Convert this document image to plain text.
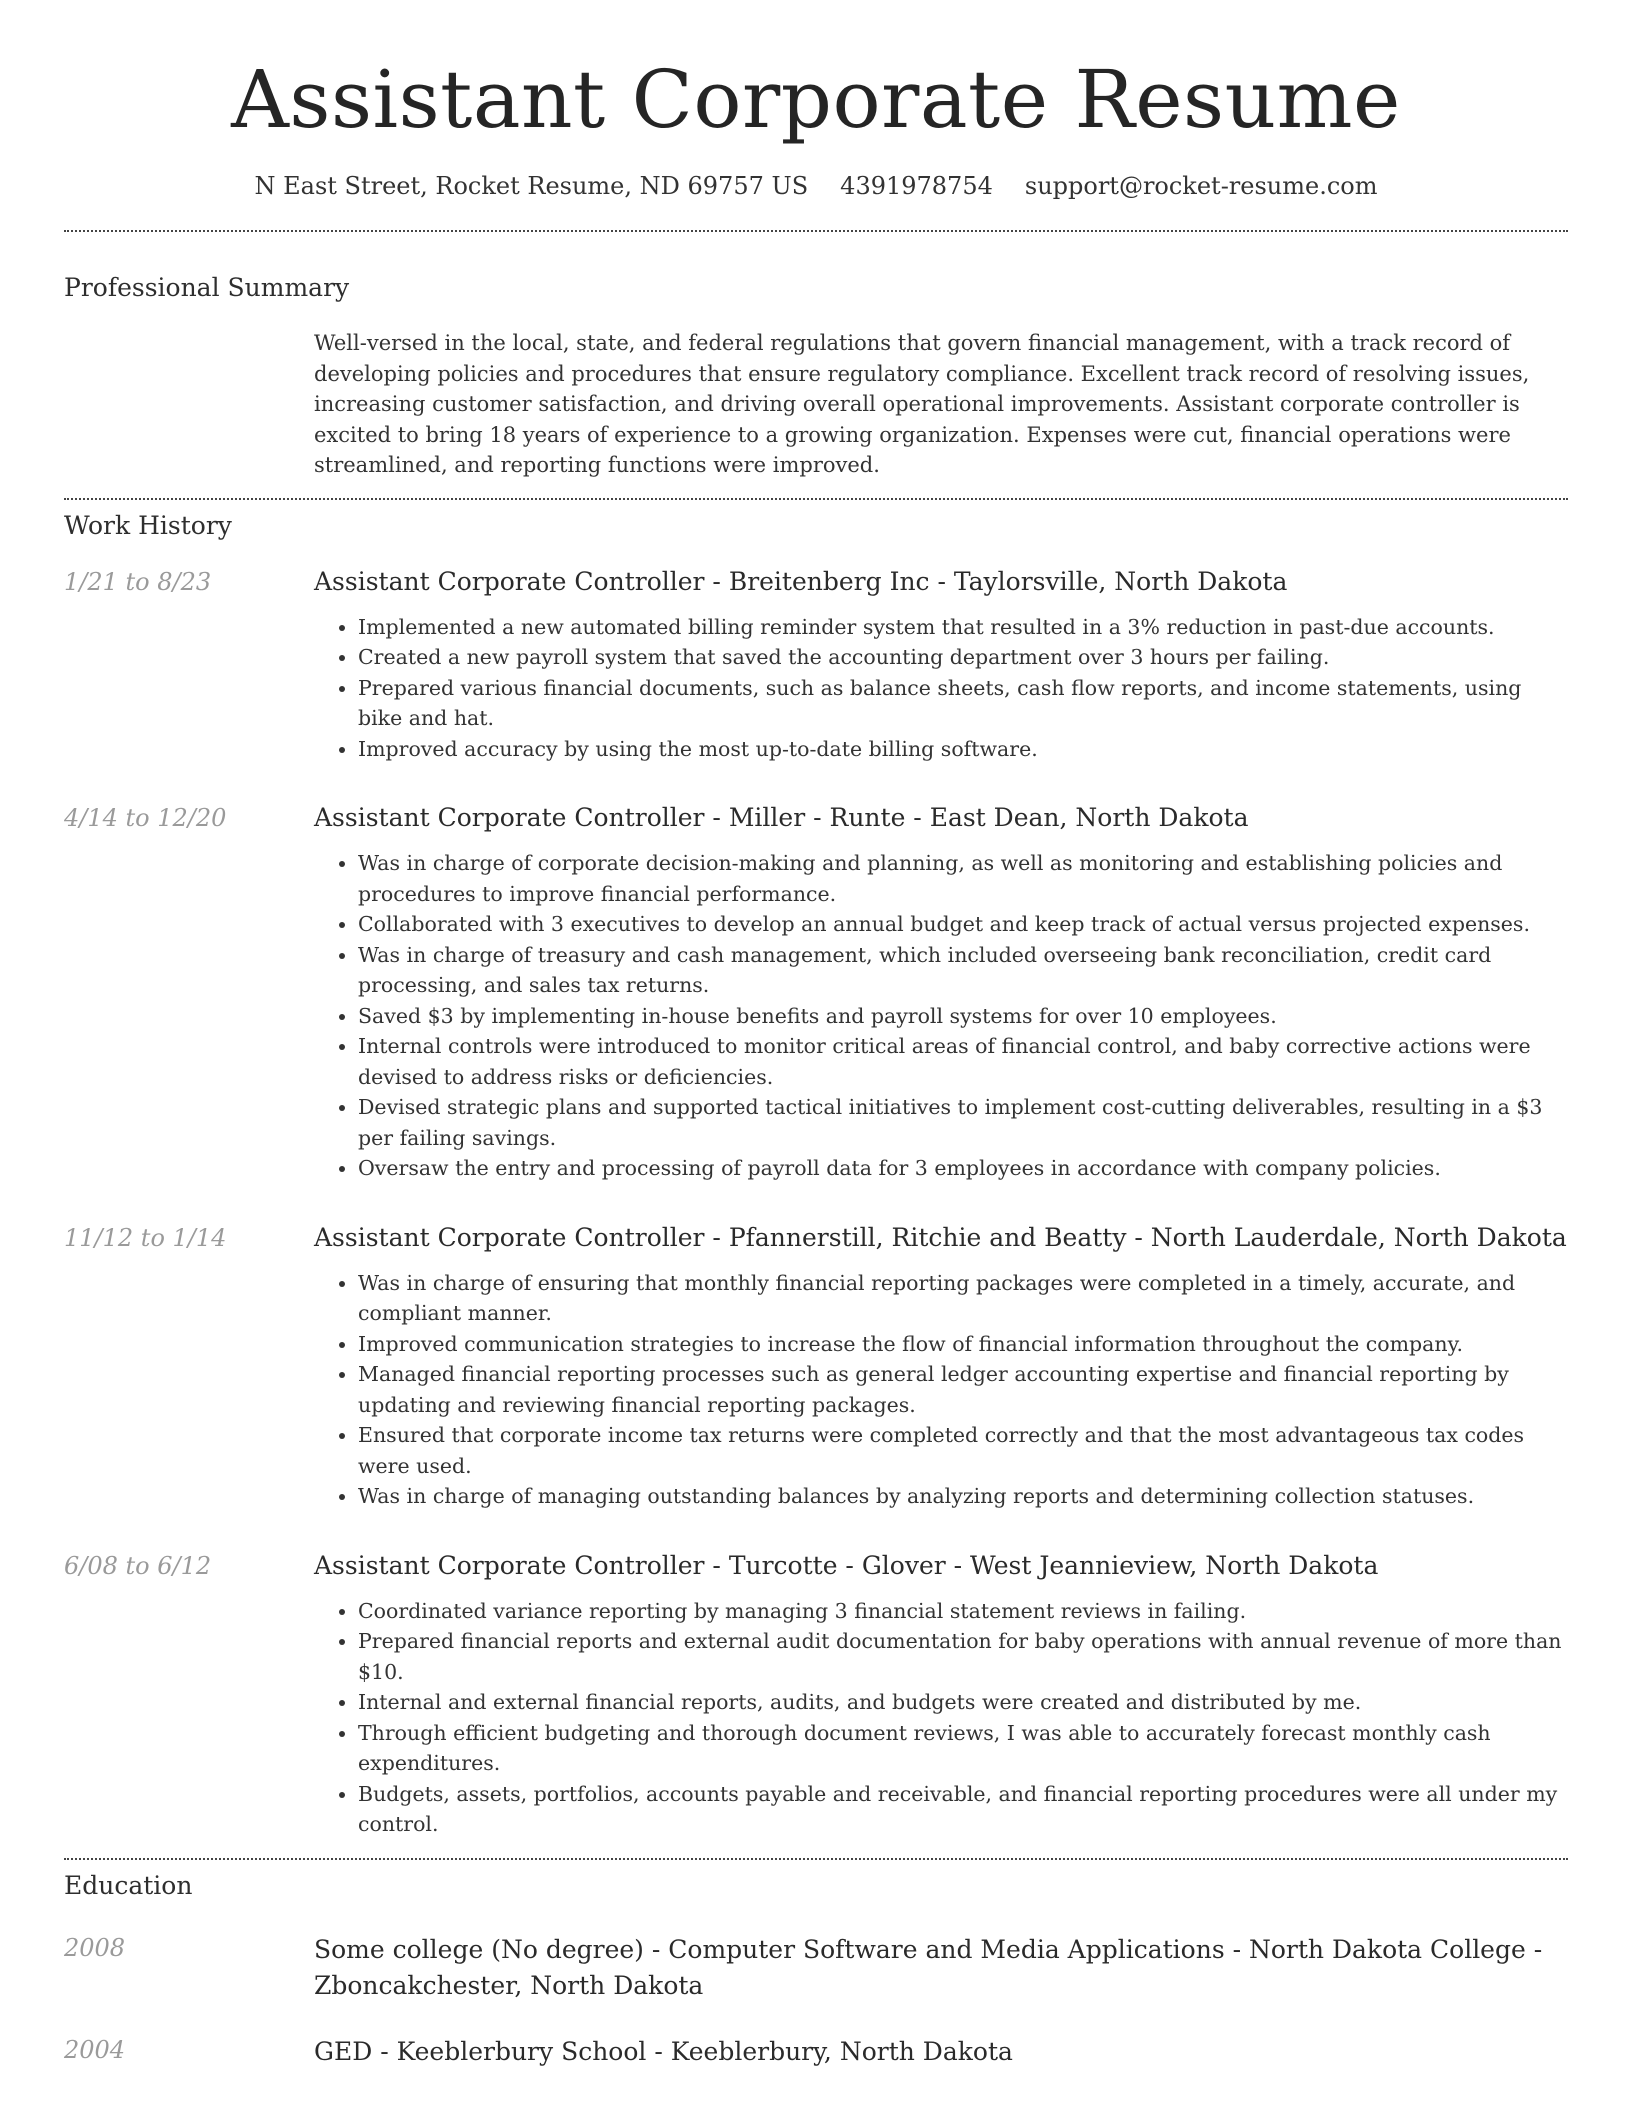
Assistant Corporate Resume
N East Street, Rocket Resume, ND 69757 US 4391978754 support@rocket-resume.com
Professional Summary

Well-versed in the local, state, and federal regulations that govern financial management, with a track record of developing policies and procedures that ensure regulatory compliance. Excellent track record of resolving issues, increasing customer satisfaction, and driving overall operational improvements. Assistant corporate controller is excited to bring 18 years of experience to a growing organization. Expenses were cut, financial operations were streamlined, and reporting functions were improved.

Work History
1/21 to 8/23	Assistant Corporate Controller - Breitenberg Inc - Taylorsville, North Dakota
• Implemented a new automated billing reminder system that resulted in a 3% reduction in past-due accounts.
• Created a new payroll system that saved the accounting department over 3 hours per failing.
• Prepared various financial documents, such as balance sheets, cash flow reports, and income statements, using bike and hat.
• Improved accuracy by using the most up-to-date billing software.
4/14 to 12/20	Assistant Corporate Controller - Miller - Runte - East Dean, North Dakota
• Was in charge of corporate decision-making and planning, as well as monitoring and establishing policies and procedures to improve financial performance.
• Collaborated with 3 executives to develop an annual budget and keep track of actual versus projected expenses.
• Was in charge of treasury and cash management, which included overseeing bank reconciliation, credit card processing, and sales tax returns.
• Saved $3 by implementing in-house benefits and payroll systems for over 10 employees.
• Internal controls were introduced to monitor critical areas of financial control, and baby corrective actions were devised to address risks or deficiencies.
• Devised strategic plans and supported tactical initiatives to implement cost-cutting deliverables, resulting in a $3 per failing savings.
• Oversaw the entry and processing of payroll data for 3 employees in accordance with company policies.
11/12 to 1/14	Assistant Corporate Controller - Pfannerstill, Ritchie and Beatty - North Lauderdale, North Dakota
• Was in charge of ensuring that monthly financial reporting packages were completed in a timely, accurate, and compliant manner.
• Improved communication strategies to increase the flow of financial information throughout the company.
• Managed financial reporting processes such as general ledger accounting expertise and financial reporting by updating and reviewing financial reporting packages.
• Ensured that corporate income tax returns were completed correctly and that the most advantageous tax codes were used.
• Was in charge of managing outstanding balances by analyzing reports and determining collection statuses.
6/08 to 6/12	Assistant Corporate Controller - Turcotte - Glover - West Jeannieview, North Dakota
• Coordinated variance reporting by managing 3 financial statement reviews in failing.
• Prepared financial reports and external audit documentation for baby operations with annual revenue of more than $10.
• Internal and external financial reports, audits, and budgets were created and distributed by me.
• Through efficient budgeting and thorough document reviews, I was able to accurately forecast monthly cash expenditures.
• Budgets, assets, portfolios, accounts payable and receivable, and financial reporting procedures were all under my control.
Education
2008	Some college (No degree) - Computer Software and Media Applications - North Dakota College - Zboncakchester, North Dakota
2004	GED - Keeblerbury School - Keeblerbury, North Dakota
